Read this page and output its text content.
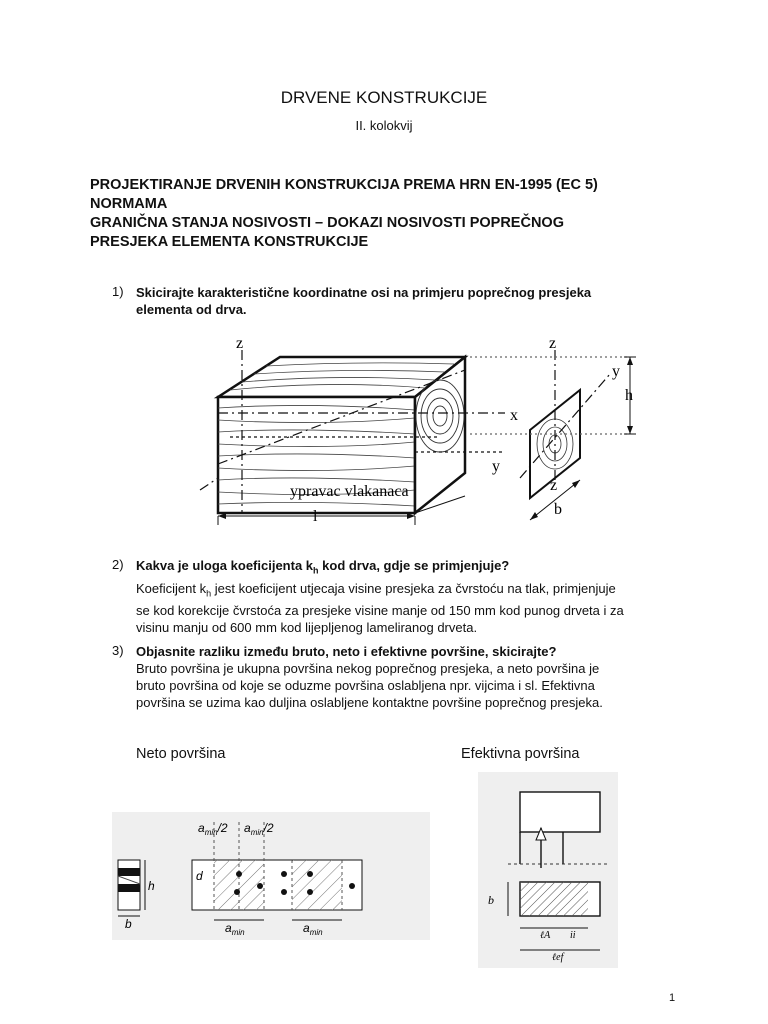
DRVENE KONSTRUKCIJE
II. kolokvij
PROJEKTIRANJE DRVENIH KONSTRUKCIJA PREMA HRN EN-1995 (EC 5)
NORMAMA
GRANIČNA STANJA NOSIVOSTI – DOKAZI NOSIVOSTI POPREČNOG
PRESJEKA ELEMENTA KONSTRUKCIJE
1) Skicirajte karakteristične koordinatne osi na primjeru poprečnog presjeka
elementa od drva.
y
z
x
y
pravac vlakanaca
l
z
y
z
h
b
2) Kakva je uloga koeficijenta $k_h$ kod drva, gdje se primjenjuje?
Koeficijent $k_h$ jest koeficijent utjecaja visine presjeka za čvrstoću na tlak, primjenjuje
se kod korekcije čvrstoća za presjeke visine manje od 150 mm kod punog drveta i za
visinu manju od 600 mm kod lijepljenog lameliranog drveta.
3) Objasnite razliku između bruto, neto i efektivne površine, skicirajte?
Bruto površina je ukupna površina nekog poprečnog presjeka, a neto površina je
bruto površina od koje se oduzme površina oslabljena npr. vijcima i sl. Efektivna
površina se uzima kao duljina oslabljene kontaktne površine poprečnog presjeka.
Neto površina	Efektivna površina
h
b
$a_{min}/2$ $a_{min}/2$
d
$a_{min}$	$a_{min}$
b
ℓA ii
ℓef
1
